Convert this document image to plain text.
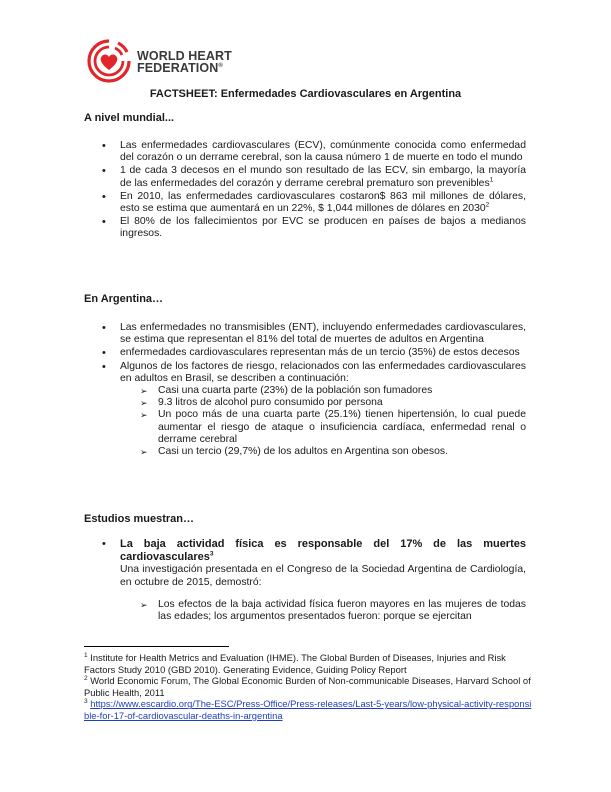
WORLD HEART
FEDERATION®
FACTSHEET: Enfermedades Cardiovasculares en Argentina
A nivel mundial...
• Las enfermedades cardiovasculares (ECV), comúnmente conocida como enfermedad del corazón o un derrame cerebral, son la causa número 1 de muerte en todo el mundo
• 1 de cada 3 decesos en el mundo son resultado de las ECV, sin embargo, la mayoría de las enfermedades del corazón y derrame cerebral prematuro son prevenibles$^1$
• En 2010, las enfermedades cardiovasculares costaron$ 863 mil millones de dólares, esto se estima que aumentará en un 22%, $ 1,044 millones de dólares en 2030$^2$
• El 80% de los fallecimientos por EVC se producen en países de bajos a medianos ingresos.
En Argentina…
• Las enfermedades no transmisibles (ENT), incluyendo enfermedades cardiovasculares, se estima que representan el 81% del total de muertes de adultos en Argentina
• enfermedades cardiovasculares representan más de un tercio (35%) de estos decesos
• Algunos de los factores de riesgo, relacionados con las enfermedades cardiovasculares en adultos en Brasil, se describen a continuación:
➢ Casi una cuarta parte (23%) de la población son fumadores
➢ 9.3 litros de alcohol puro consumido por persona
➢ Un poco más de una cuarta parte (25.1%) tienen hipertensión, lo cual puede aumentar el riesgo de ataque o insuficiencia cardíaca, enfermedad renal o derrame cerebral
➢ Casi un tercio (29,7%) de los adultos en Argentina son obesos.
Estudios muestran…
• La baja actividad física es responsable del 17% de las muertes cardiovasculares$^3$
Una investigación presentada en el Congreso de la Sociedad Argentina de Cardiología, en octubre de 2015, demostró:
➢ Los efectos de la baja actividad física fueron mayores en las mujeres de todas las edades; los argumentos presentados fueron: porque se ejercitan
$^1$ Institute for Health Metrics and Evaluation (IHME). The Global Burden of Diseases, Injuries and Risk Factors Study 2010 (GBD 2010). Generating Evidence, Guiding Policy Report
$^2$ World Economic Forum, The Global Economic Burden of Non-communicable Diseases, Harvard School of Public Health, 2011
$^3$ https://www.escardio.org/The-ESC/Press-Office/Press-releases/Last-5-years/low-physical-activity-responsible-for-17-of-cardiovascular-deaths-in-argentina
